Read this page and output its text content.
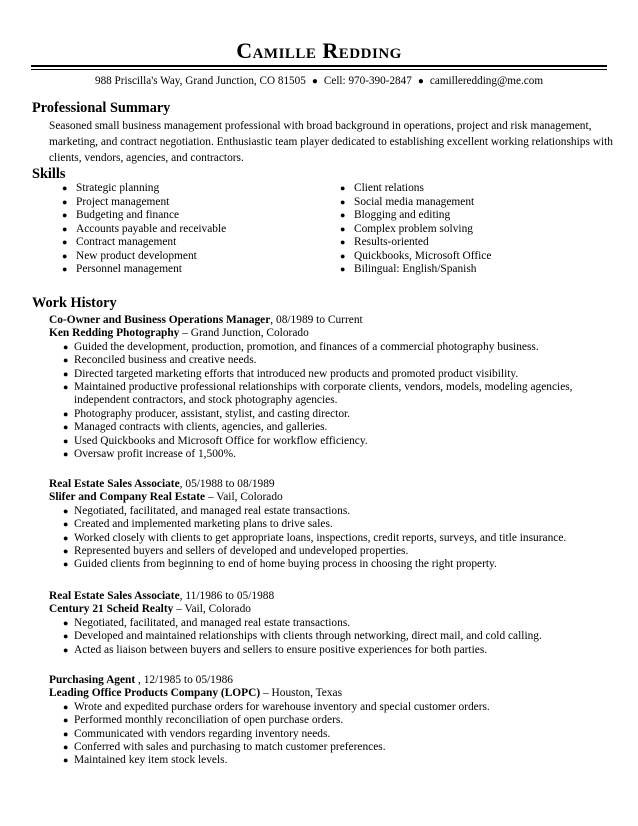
Camille Redding
988 Priscilla's Way, Grand Junction, CO 81505 ● Cell: 970-390-2847 ● camilleredding@me.com
Professional Summary
Seasoned small business management professional with broad background in operations, project and risk management, marketing, and contract negotiation. Enthusiastic team player dedicated to establishing excellent working relationships with clients, vendors, agencies, and contractors.
Skills
● Strategic planning
● Project management
● Budgeting and finance
● Accounts payable and receivable
● Contract management
● New product development
● Personnel management
● Client relations
● Social media management
● Blogging and editing
● Complex problem solving
● Results-oriented
● Quickbooks, Microsoft Office
● Bilingual: English/Spanish
Work History
Co-Owner and Business Operations Manager, 08/1989 to Current
Ken Redding Photography – Grand Junction, Colorado
● Guided the development, production, promotion, and finances of a commercial photography business.
● Reconciled business and creative needs.
● Directed targeted marketing efforts that introduced new products and promoted product visibility.
● Maintained productive professional relationships with corporate clients, vendors, models, modeling agencies, independent contractors, and stock photography agencies.
● Photography producer, assistant, stylist, and casting director.
● Managed contracts with clients, agencies, and galleries.
● Used Quickbooks and Microsoft Office for workflow efficiency.
● Oversaw profit increase of 1,500%.
Real Estate Sales Associate, 05/1988 to 08/1989
Slifer and Company Real Estate – Vail, Colorado
● Negotiated, facilitated, and managed real estate transactions.
● Created and implemented marketing plans to drive sales.
● Worked closely with clients to get appropriate loans, inspections, credit reports, surveys, and title insurance.
● Represented buyers and sellers of developed and undeveloped properties.
● Guided clients from beginning to end of home buying process in choosing the right property.
Real Estate Sales Associate, 11/1986 to 05/1988
Century 21 Scheid Realty – Vail, Colorado
● Negotiated, facilitated, and managed real estate transactions.
● Developed and maintained relationships with clients through networking, direct mail, and cold calling.
● Acted as liaison between buyers and sellers to ensure positive experiences for both parties.
Purchasing Agent , 12/1985 to 05/1986
Leading Office Products Company (LOPC) – Houston, Texas
● Wrote and expedited purchase orders for warehouse inventory and special customer orders.
● Performed monthly reconciliation of open purchase orders.
● Communicated with vendors regarding inventory needs.
● Conferred with sales and purchasing to match customer preferences.
● Maintained key item stock levels.
